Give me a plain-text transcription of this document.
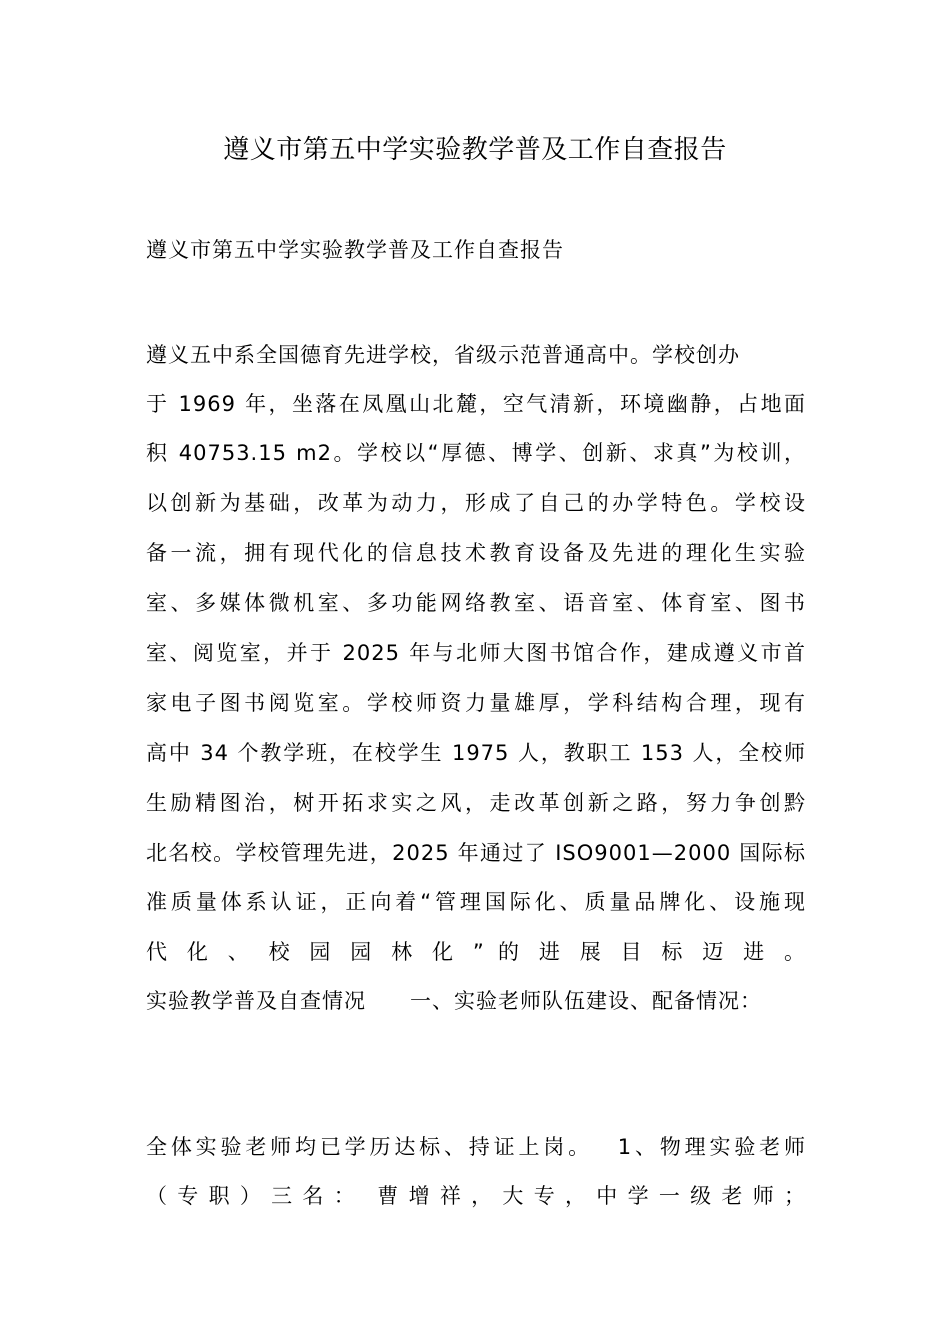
遵义市第五中学实验教学普及工作自查报告
遵义市第五中学实验教学普及工作自查报告
遵义五中系全国德育先进学校，省级示范普通高中。学校创办
于 1969 年，坐落在凤凰山北麓，空气清新，环境幽静，占地面
积 40753.15 m2。学校以“厚德、博学、创新、求真”为校训，
以创新为基础，改革为动力，形成了自己的办学特色。学校设
备一流，拥有现代化的信息技术教育设备及先进的理化生实验
室、多媒体微机室、多功能网络教室、语音室、体育室、图书
室、阅览室，并于 2025 年与北师大图书馆合作，建成遵义市首
家电子图书阅览室。学校师资力量雄厚，学科结构合理，现有
高中 34 个教学班，在校学生 1975 人，教职工 153 人，全校师
生励精图治，树开拓求实之风，走改革创新之路，努力争创黔
北名校。学校管理先进，2025 年通过了 ISO9001—2000 国际标
准质量体系认证，正向着“管理国际化、质量品牌化、设施现
代 化 、 校 园 园 林 化 ” 的 进 展 目 标 迈 进 。
实验教学普及自查情况　　一、实验老师队伍建设、配备情况：
全体实验老师均已学历达标、持证上岗。　 1、物理实验老师
（ 专 职 ） 三 名 ：　 曹 增 祥 ， 大 专 ， 中 学 一 级 老 师 ；
